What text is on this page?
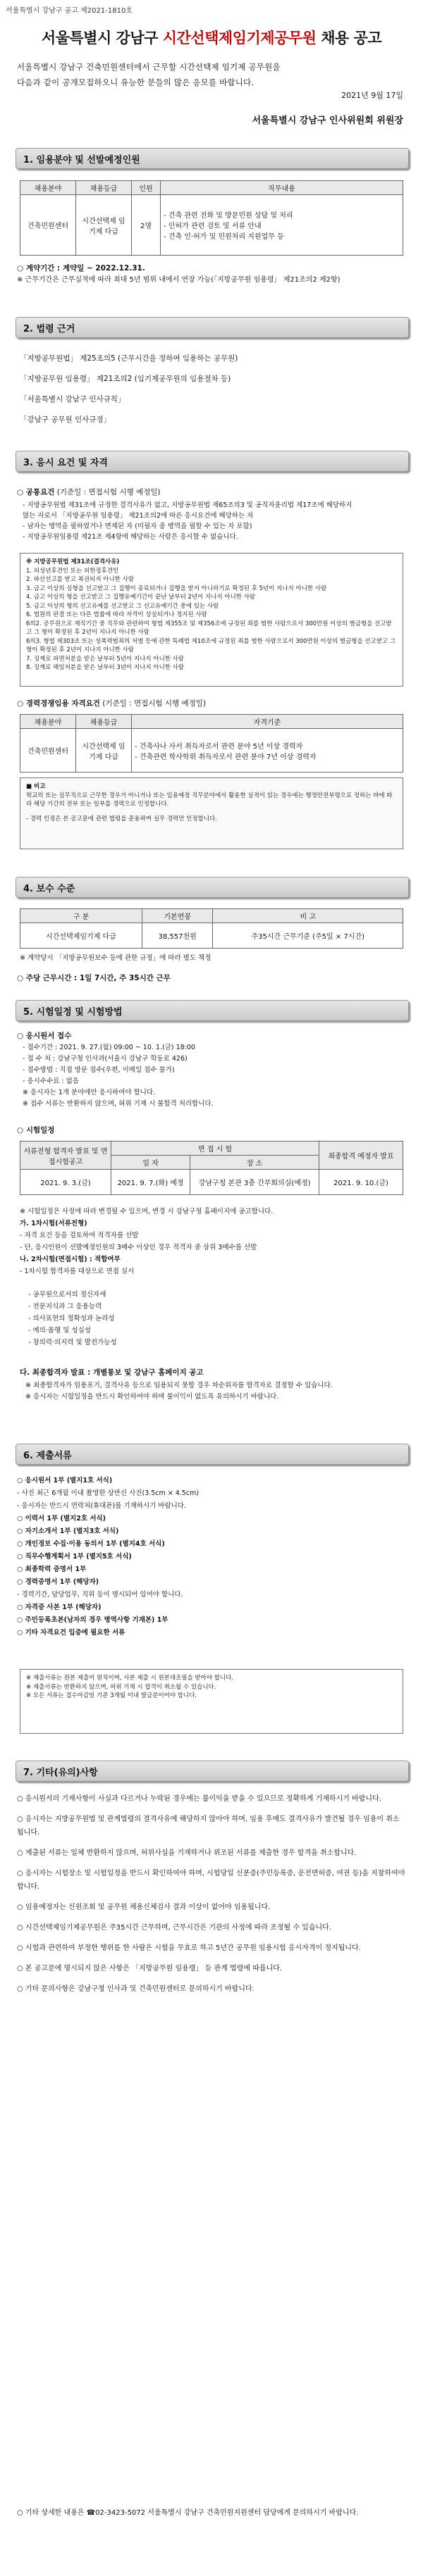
서울특별시 강남구 공고 제2021-1810호
서울특별시 강남구 시간선택제임기제공무원 채용 공고
서울특별시 강남구 건축민원센터에서 근무할 시간선택제 임기제 공무원을
다음과 같이 공개모집하오니 유능한 분들의 많은 응모를 바랍니다.
2021년 9월 17일
서울특별시 강남구 인사위원회 위원장
1. 임용분야 및 선발예정인원
채용분야	채용등급	인원	직무내용
건축민원센터	시간선택제 임기제 다급	2명	- 건축 관련 전화 및 방문민원 상담 및 처리
- 인허가 관련 검토 및 서류 안내
- 건축 인·허가 및 민원처리 지원업무 등
○ 계약기간 : 계약일 ~ 2022.12.31.
※ 근무기간은 근무실적에 따라 최대 5년 범위 내에서 연장 가능(「지방공무원 임용령」 제21조의2 제2항)
2. 법령 근거
「지방공무원법」 제25조의5 (근무시간을 정하여 임용하는 공무원)
「지방공무원 임용령」 제21조의2 (임기제공무원의 임용절차 등)
「서울특별시 강남구 인사규칙」
「강남구 공무원 인사규정」
3. 응시 요건 및 자격
○ 공통요건 (기준일 : 면접시험 시행 예정일)
- 지방공무원법 제31조에 규정한 결격사유가 없고, 지방공무원법 제65조의3 및 공직자윤리법 제17조에 해당하지
않는 자로서 「지방공무원 임용령」 제21조의2에 따른 응시요건에 해당하는 자
- 남자는 병역을 필하였거나 면제된 자 (미필자 중 병역을 필할 수 있는 자 포함)
- 지방공무원임용령 제21조 제4항에 해당하는 사람은 응시할 수 없습니다.
※ 지방공무원법 제31조(결격사유)
1. 피성년후견인 또는 피한정후견인
2. 파산선고를 받고 복권되지 아니한 사람
3. 금고 이상의 실형을 선고받고 그 집행이 종료되거나 집행을 받지 아니하기로 확정된 후 5년이 지나지 아니한 사람
4. 금고 이상의 형을 선고받고 그 집행유예기간이 끝난 날부터 2년이 지나지 아니한 사람
5. 금고 이상의 형의 선고유예를 선고받고 그 선고유예기간 중에 있는 사람
6. 법원의 판결 또는 다른 법률에 따라 자격이 상실되거나 정지된 사람
6의2. 공무원으로 재직기간 중 직무와 관련하여 형법 제355조 및 제356조에 규정된 죄를 범한 사람으로서 300만원 이상의 벌금형을 선고받고 그 형이 확정된 후 2년이 지나지 아니한 사람
6의3. 형법 제303조 또는 성폭력범죄의 처벌 등에 관한 특례법 제10조에 규정된 죄를 범한 사람으로서 300만원 이상의 벌금형을 선고받고 그 형이 확정된 후 2년이 지나지 아니한 사람
7. 징계로 파면처분을 받은 날부터 5년이 지나지 아니한 사람
8. 징계로 해임처분을 받은 날부터 3년이 지나지 아니한 사람
○ 경력경쟁임용 자격요건 (기준일 : 면접시험 시행 예정일)
채용분야	채용등급	자격기준
건축민원센터	시간선택제 임기제 다급	- 건축사나 사서 취득자로서 관련 분야 5년 이상 경력자
- 건축관련 학사학위 취득자로서 관련 분야 7년 이상 경력자
■ 비고
학교의 또는 실무직으로 근무한 경우가 아니거나 또는 입용예정 직무분야에서 활용한 실적이 있는 경우에는 행정안전부령으로 정하는 바에 따라 해당 기간의 전부 또는 일부를 경력으로 인정합니다.
- 경력 인정은 본 공고문에 관련 법령을 준용하며 실무 경력만 인정합니다.
4. 보수 수준
구 분	기본연봉	비 고
시간선택제임기제 다급	38,557천원	주35시간 근무기준 (주5일 × 7시간)
※ 계약당시 「지방공무원보수 등에 관한 규정」에 따라 별도 책정
○ 주당 근무시간 : 1일 7시간, 주 35시간 근무
5. 시험일정 및 시험방법
○ 응시원서 접수
- 접수기간 : 2021. 9. 27.(월) 09:00 ~ 10. 1.(금) 18:00
- 접 수 처 : 강남구청 인사과(서울시 강남구 학동로 426)
- 접수방법 : 직접 방문 접수(우편, 이메일 접수 불가)
- 응시수수료 : 없음
※ 응시자는 1개 분야에만 응시하여야 합니다.
※ 접수 서류는 반환하지 않으며, 허위 기재 시 불합격 처리합니다.
○ 시험일정
서류전형 합격자 발표 및 면접시험공고	면 접 시 험		최종합격 예정자 발표
	일 자	장 소	
2021. 9. 3.(금)	2021. 9. 7.(화) 예정	강남구청 본관 3층 간부회의실(예정)	2021. 9. 10.(금)
※ 시험일정은 사정에 따라 변경될 수 있으며, 변경 시 강남구청 홈페이지에 공고합니다.
가. 1차시험(서류전형)
- 자격 요건 등을 검토하여 적격자를 선발
- 단, 응시인원이 선발예정인원의 3배수 이상인 경우 적격자 중 상위 3배수를 선발
나. 2차시험(면접시험) : 적합여부
- 1차시험 합격자를 대상으로 면접 실시
- 공무원으로서의 정신자세
- 전문지식과 그 응용능력
- 의사표현의 정확성과 논리성
- 예의·품행 및 성실성
- 창의력·의지력 및 발전가능성
다. 최종합격자 발표 : 개별통보 및 강남구 홈페이지 공고
※ 최종합격자가 임용포기, 결격사유 등으로 임용되지 못할 경우 차순위자를 합격자로 결정할 수 있습니다.
※ 응시자는 시험일정을 반드시 확인하여야 하며 불이익이 없도록 유의하시기 바랍니다.
6. 제출서류
○ 응시원서 1부 (별지1호 서식)
- 사진 최근 6개월 이내 촬영한 상반신 사진(3.5cm × 4.5cm)
- 응시자는 반드시 연락처(휴대폰)를 기재하시기 바랍니다.
○ 이력서 1부 (별지2호 서식)
○ 자기소개서 1부 (별지3호 서식)
○ 개인정보 수집·이용 동의서 1부 (별지4호 서식)
○ 직무수행계획서 1부 (별지5호 서식)
○ 최종학력 증명서 1부
○ 경력증명서 1부 (해당자)
- 경력기간, 담당업무, 직위 등이 명시되어 있어야 합니다.
○ 자격증 사본 1부 (해당자)
○ 주민등록초본(남자의 경우 병역사항 기재본) 1부
○ 기타 자격요건 입증에 필요한 서류
※ 제출서류는 원본 제출이 원칙이며, 사본 제출 시 원본대조필을 받아야 합니다.
※ 제출서류는 반환하지 않으며, 허위 기재 시 합격이 취소될 수 있습니다.
※ 모든 서류는 접수마감일 기준 3개월 이내 발급분이어야 합니다.
7. 기타(유의)사항
○ 응시원서의 기재사항이 사실과 다르거나 누락된 경우에는 불이익을 받을 수 있으므로 정확하게 기재하시기 바랍니다.
○ 응시자는 지방공무원법 및 관계법령의 결격사유에 해당하지 않아야 하며, 임용 후에도 결격사유가 발견될 경우 임용이 취소됩니다.
○ 제출된 서류는 일체 반환하지 않으며, 허위사실을 기재하거나 위조된 서류를 제출한 경우 합격을 취소합니다.
○ 응시자는 시험장소 및 시험일정을 반드시 확인하여야 하며, 시험당일 신분증(주민등록증, 운전면허증, 여권 등)을 지참하여야 합니다.
○ 임용예정자는 신원조회 및 공무원 채용신체검사 결과 이상이 없어야 임용됩니다.
○ 시간선택제임기제공무원은 주35시간 근무하며, 근무시간은 기관의 사정에 따라 조정될 수 있습니다.
○ 시험과 관련하여 부정한 행위를 한 사람은 시험을 무효로 하고 5년간 공무원 임용시험 응시자격이 정지됩니다.
○ 본 공고문에 명시되지 않은 사항은 「지방공무원 임용령」 등 관계 법령에 따릅니다.
○ 기타 문의사항은 강남구청 인사과 및 건축민원센터로 문의하시기 바랍니다.
○ 기타 상세한 내용은 ☎02-3423-5072 서울특별시 강남구 건축민원지원센터 담당에게 문의하시기 바랍니다.
